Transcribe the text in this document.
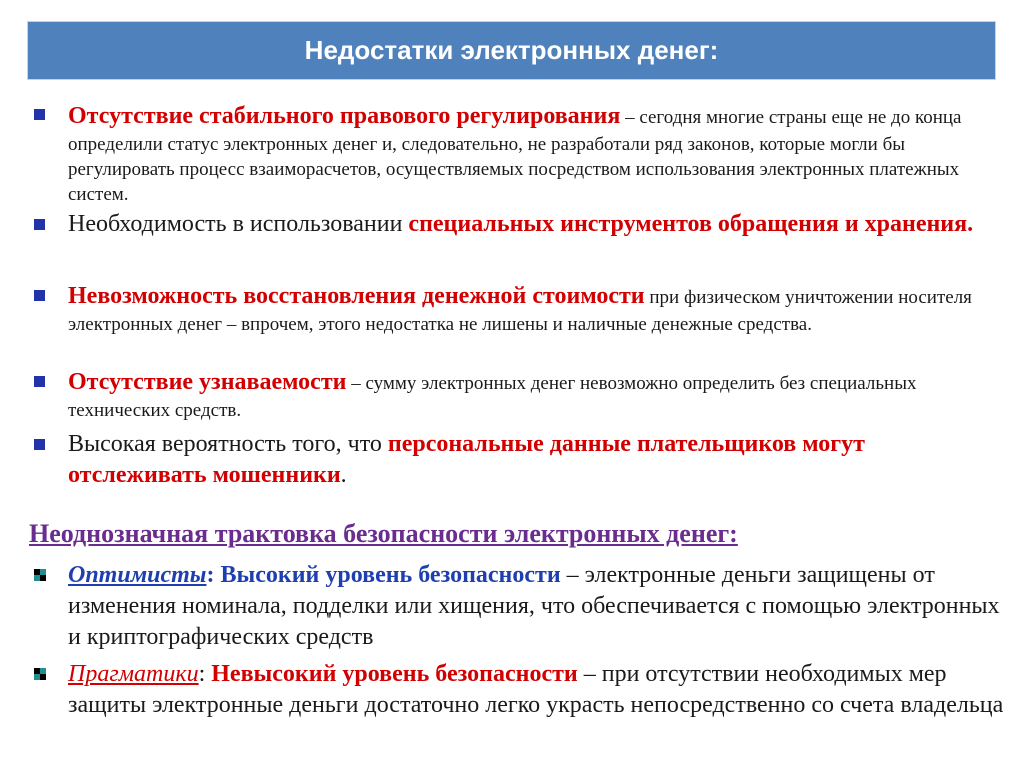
Недостатки электронных денег:
Отсутствие стабильного правового регулирования – сегодня многие страны еще не до конца определили статус электронных денег и, следовательно, не разработали ряд законов, которые могли бы регулировать процесс взаиморасчетов, осуществляемых посредством использования электронных платежных систем.
Необходимость в использовании специальных инструментов обращения и хранения.
Невозможность восстановления денежной стоимости при физическом уничтожении носителя электронных денег – впрочем, этого недостатка не лишены и наличные денежные средства.
Отсутствие узнаваемости – сумму электронных денег невозможно определить без специальных технических средств.
Высокая вероятность того, что персональные данные плательщиков могут отслеживать мошенники.
Неоднозначная трактовка безопасности электронных денег:
Оптимисты: Высокий уровень безопасности – электронные деньги защищены от изменения номинала, подделки или хищения, что обеспечивается с помощью электронных и криптографических средств
Прагматики: Невысокий уровень безопасности – при отсутствии необходимых мер защиты электронные деньги достаточно легко украсть непосредственно со счета владельца
